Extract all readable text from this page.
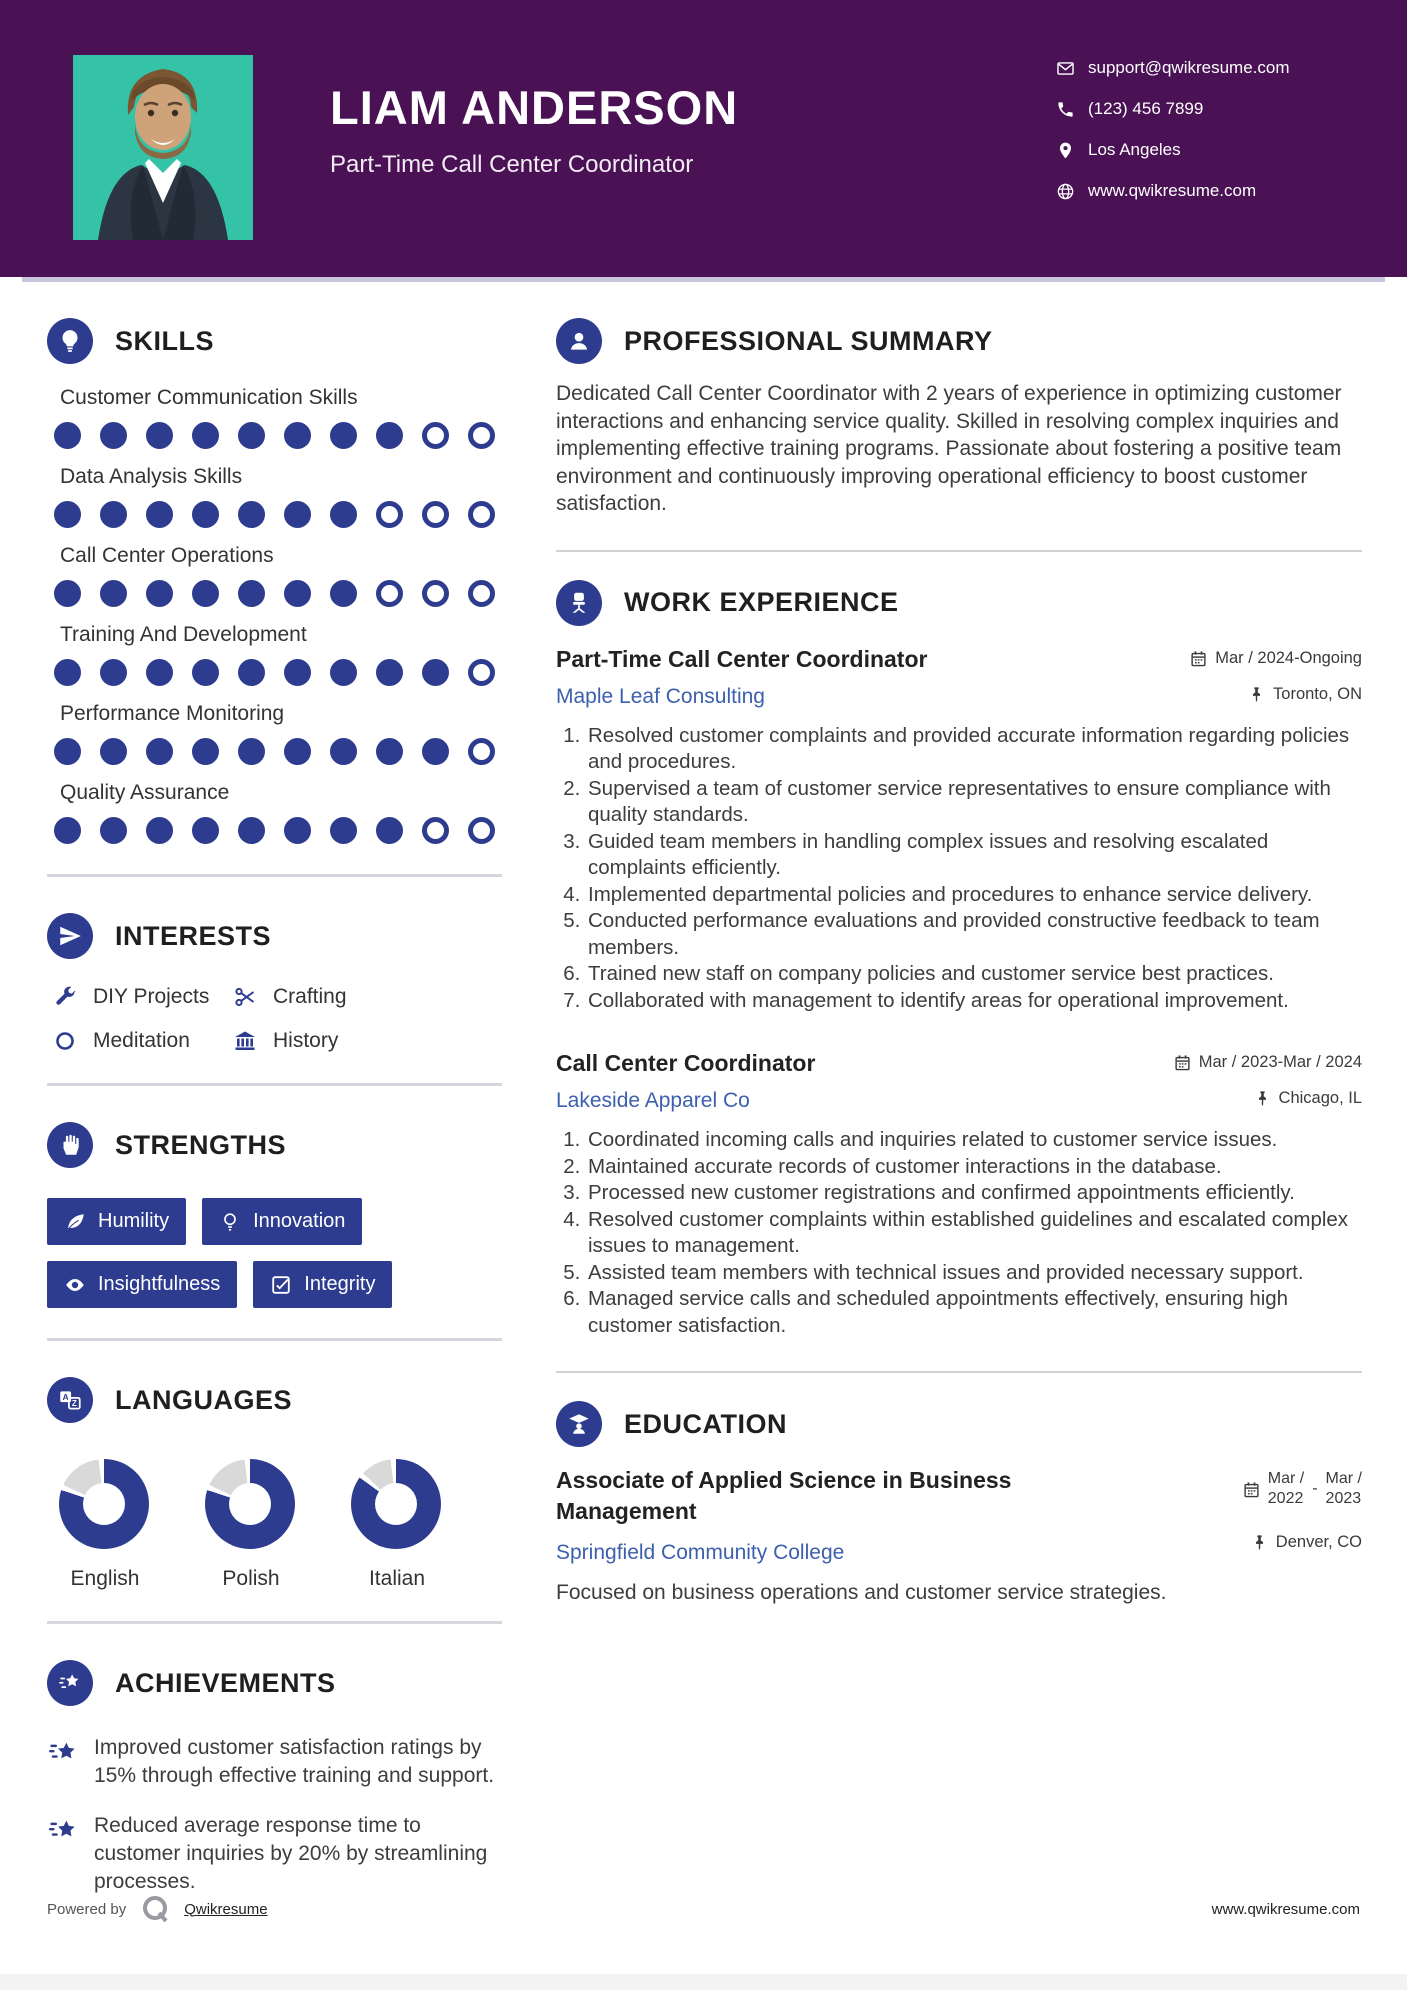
LIAM ANDERSON
Part-Time Call Center Coordinator
support@qwikresume.com
(123) 456 7899
Los Angeles
www.qwikresume.com
SKILLS
Customer Communication Skills
Data Analysis Skills
Call Center Operations
Training And Development
Performance Monitoring
Quality Assurance
INTERESTS
DIY Projects	Crafting
Meditation	History
STRENGTHS
Humility	Innovation
Insightfulness	Integrity
A
Z LANGUAGES
English	Polish	Italian
ACHIEVEMENTS

Improved customer satisfaction ratings by 15% through effective training and support.

Reduced average response time to customer inquiries by 20% by streamlining processes.

PROFESSIONAL SUMMARY

Dedicated Call Center Coordinator with 2 years of experience in optimizing customer interactions and enhancing service quality. Skilled in resolving complex inquiries and implementing effective training programs. Passionate about fostering a positive team environment and continuously improving operational efficiency to boost customer satisfaction.

WORK EXPERIENCE
Part-Time Call Center Coordinator	Mar / 2024-Ongoing
Maple Leaf Consulting	Toronto, ON
1. Resolved customer complaints and provided accurate information regarding policies and procedures.
2. Supervised a team of customer service representatives to ensure compliance with quality standards.
3. Guided team members in handling complex issues and resolving escalated complaints efficiently.
4. Implemented departmental policies and procedures to enhance service delivery.
5. Conducted performance evaluations and provided constructive feedback to team members.
6. Trained new staff on company policies and customer service best practices.
7. Collaborated with management to identify areas for operational improvement.
Call Center Coordinator	Mar / 2023-Mar / 2024
Lakeside Apparel Co	Chicago, IL
1. Coordinated incoming calls and inquiries related to customer service issues.
2. Maintained accurate records of customer interactions in the database.
3. Processed new customer registrations and confirmed appointments efficiently.
4. Resolved customer complaints within established guidelines and escalated complex issues to management.
5. Assisted team members with technical issues and provided necessary support.
6. Managed service calls and scheduled appointments effectively, ensuring high customer satisfaction.
EDUCATION
Associate of Applied Science in Business Management
Springfield Community College
Mar /
2022
-
Mar /
2023
Denver, CO

Focused on business operations and customer service strategies.

Powered by	Qwikresume	www.qwikresume.com
